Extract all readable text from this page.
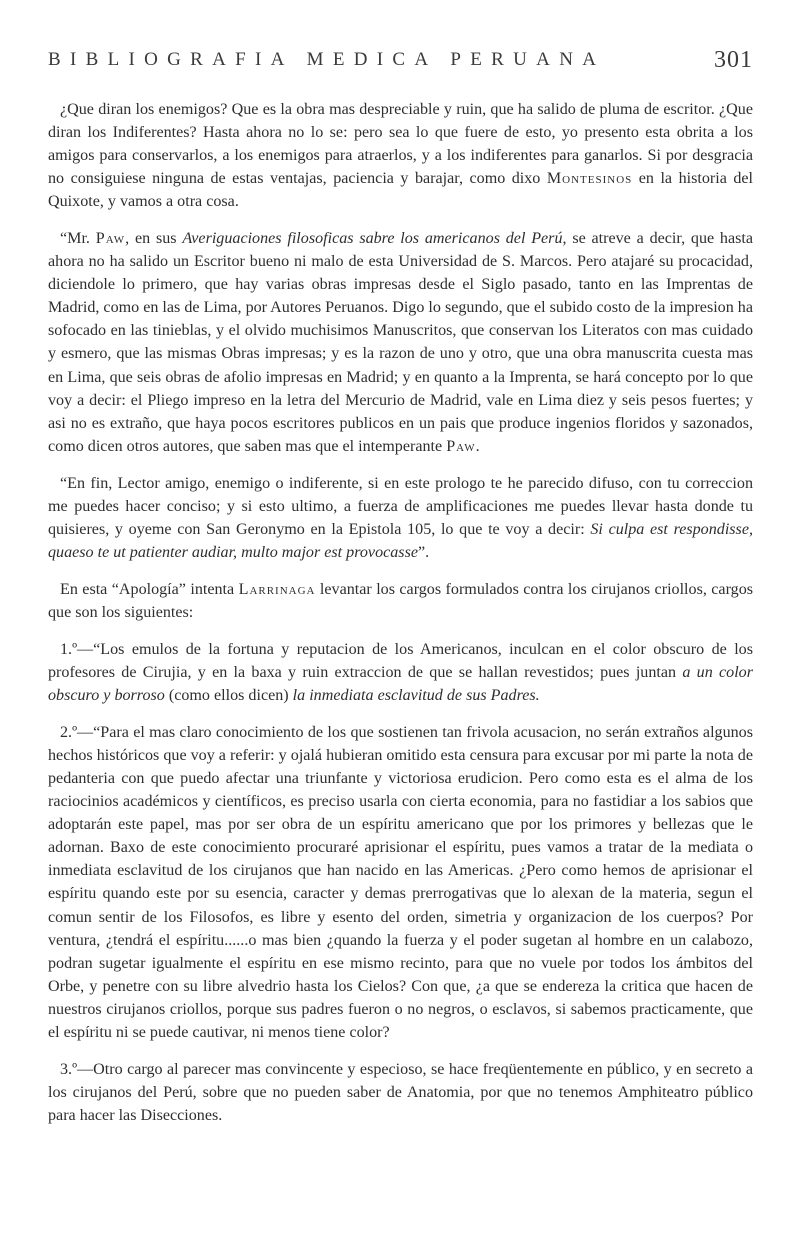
BIBLIOGRAFIA MEDICA PERUANA	301

¿Que diran los enemigos? Que es la obra mas despreciable y ruin, que ha salido de pluma de escritor. ¿Que diran los Indiferentes? Hasta ahora no lo se: pero sea lo que fuere de esto, yo presento esta obrita a los amigos para conservarlos, a los enemigos para atraerlos, y a los indiferentes para ganarlos. Si por desgracia no consiguiese ninguna de estas ventajas, paciencia y barajar, como dixo Montesinos en la historia del Quixote, y vamos a otra cosa.

“Mr. Paw, en sus Averiguaciones filosoficas sabre los americanos del Perú, se atreve a decir, que hasta ahora no ha salido un Escritor bueno ni malo de esta Universidad de S. Marcos. Pero atajaré su procacidad, diciendole lo primero, que hay varias obras impresas desde el Siglo pasado, tanto en las Imprentas de Madrid, como en las de Lima, por Autores Peruanos. Digo lo segundo, que el subido costo de la impresion ha sofocado en las tinieblas, y el olvido muchisimos Manuscritos, que conservan los Literatos con mas cuidado y esmero, que las mismas Obras impresas; y es la razon de uno y otro, que una obra manuscrita cuesta mas en Lima, que seis obras de afolio impresas en Madrid; y en quanto a la Imprenta, se hará concepto por lo que voy a decir: el Pliego impreso en la letra del Mercurio de Madrid, vale en Lima diez y seis pesos fuertes; y asi no es extraño, que haya pocos escritores publicos en un pais que produce ingenios floridos y sazonados, como dicen otros autores, que saben mas que el intemperante Paw.

“En fin, Lector amigo, enemigo o indiferente, si en este prologo te he parecido difuso, con tu correccion me puedes hacer conciso; y si esto ultimo, a fuerza de amplificaciones me puedes llevar hasta donde tu quisieres, y oyeme con San Geronymo en la Epistola 105, lo que te voy a decir: Si culpa est respondisse, quaeso te ut patienter audiar, multo major est provocasse”.

En esta “Apología” intenta Larrinaga levantar los cargos formulados contra los cirujanos criollos, cargos que son los siguientes:

1.º—“Los emulos de la fortuna y reputacion de los Americanos, inculcan en el color obscuro de los profesores de Cirujia, y en la baxa y ruin extraccion de que se hallan revestidos; pues juntan a un color obscuro y borroso (como ellos dicen) la inmediata esclavitud de sus Padres.

2.º—“Para el mas claro conocimiento de los que sostienen tan frivola acusacion, no serán extraños algunos hechos históricos que voy a referir: y ojalá hubieran omitido esta censura para excusar por mi parte la nota de pedanteria con que puedo afectar una triunfante y victoriosa erudicion. Pero como esta es el alma de los raciocinios académicos y científicos, es preciso usarla con cierta economia, para no fastidiar a los sabios que adoptarán este papel, mas por ser obra de un espíritu americano que por los primores y bellezas que le adornan. Baxo de este conocimiento procuraré aprisionar el espíritu, pues vamos a tratar de la mediata o inmediata esclavitud de los cirujanos que han nacido en las Americas. ¿Pero como hemos de aprisionar el espíritu quando este por su esencia, caracter y demas prerrogativas que lo alexan de la materia, segun el comun sentir de los Filosofos, es libre y esento del orden, simetria y organizacion de los cuerpos? Por ventura, ¿tendrá el espíritu......o mas bien ¿quando la fuerza y el poder sugetan al hombre en un calabozo, podran sugetar igualmente el espíritu en ese mismo recinto, para que no vuele por todos los ámbitos del Orbe, y penetre con su libre alvedrio hasta los Cielos? Con que, ¿a que se endereza la critica que hacen de nuestros cirujanos criollos, porque sus padres fueron o no negros, o esclavos, si sabemos practicamente, que el espíritu ni se puede cautivar, ni menos tiene color?

3.º—Otro cargo al parecer mas convincente y especioso, se hace freqüentemente en público, y en secreto a los cirujanos del Perú, sobre que no pueden saber de Anatomia, por que no tenemos Amphiteatro público para hacer las Disecciones.
